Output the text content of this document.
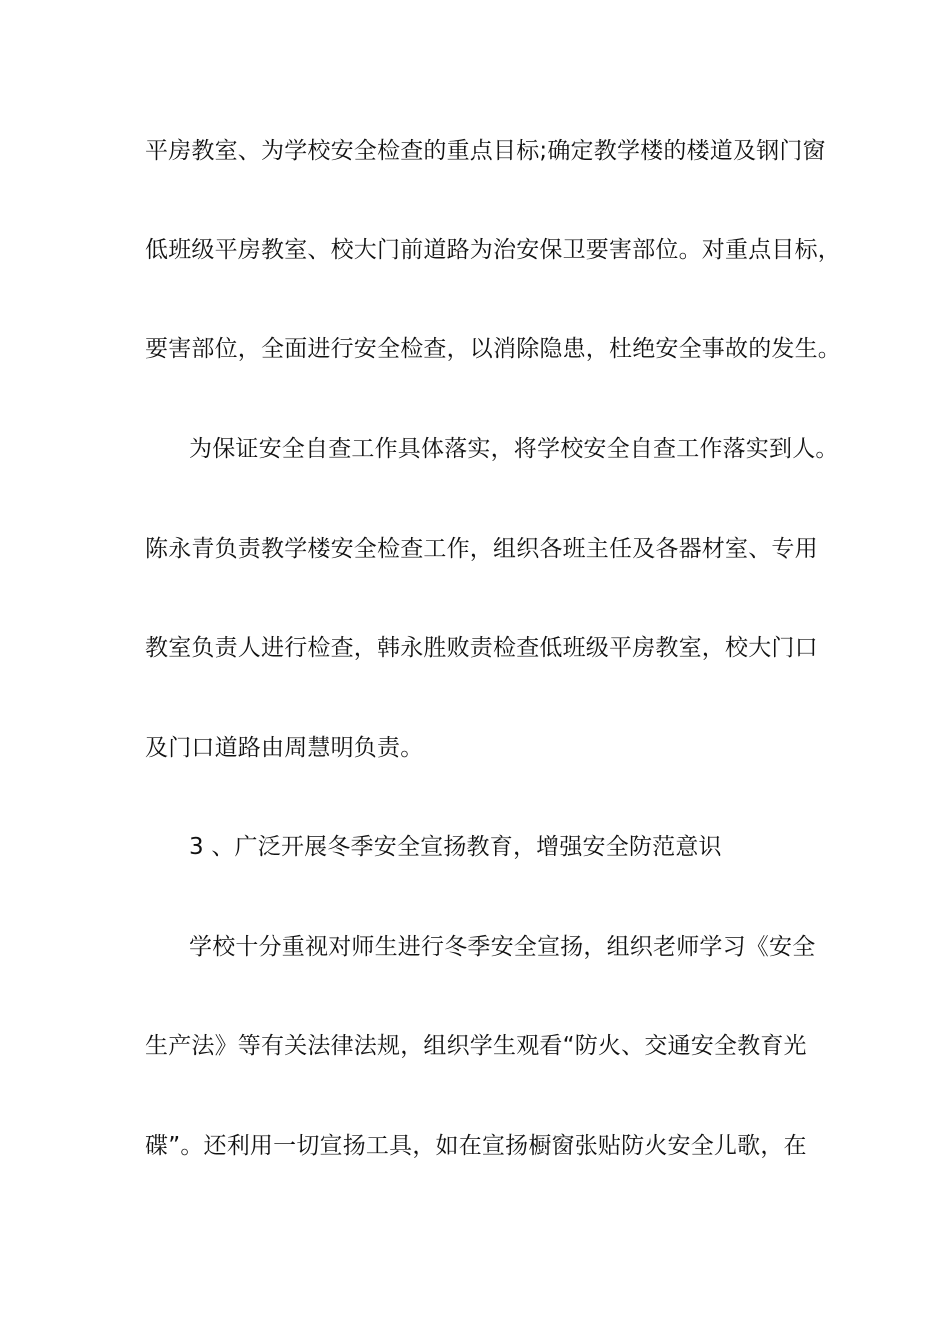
平房教室、为学校安全检查的重点目标;确定教学楼的楼道及钢门窗
低班级平房教室、校大门前道路为治安保卫要害部位。对重点目标，
要害部位，全面进行安全检查，以消除隐患，杜绝安全事故的发生。
为保证安全自查工作具体落实，将学校安全自查工作落实到人。
陈永青负责教学楼安全检查工作，组织各班主任及各器材室、专用
教室负责人进行检查，韩永胜败责检查低班级平房教室，校大门口
及门口道路由周慧明负责。
3 、广泛开展冬季安全宣扬教育，增强安全防范意识
学校十分重视对师生进行冬季安全宣扬，组织老师学习《安全
生产法》等有关法律法规，组织学生观看“防火、交通安全教育光
碟”。还利用一切宣扬工具，如在宣扬橱窗张贴防火安全儿歌，在
